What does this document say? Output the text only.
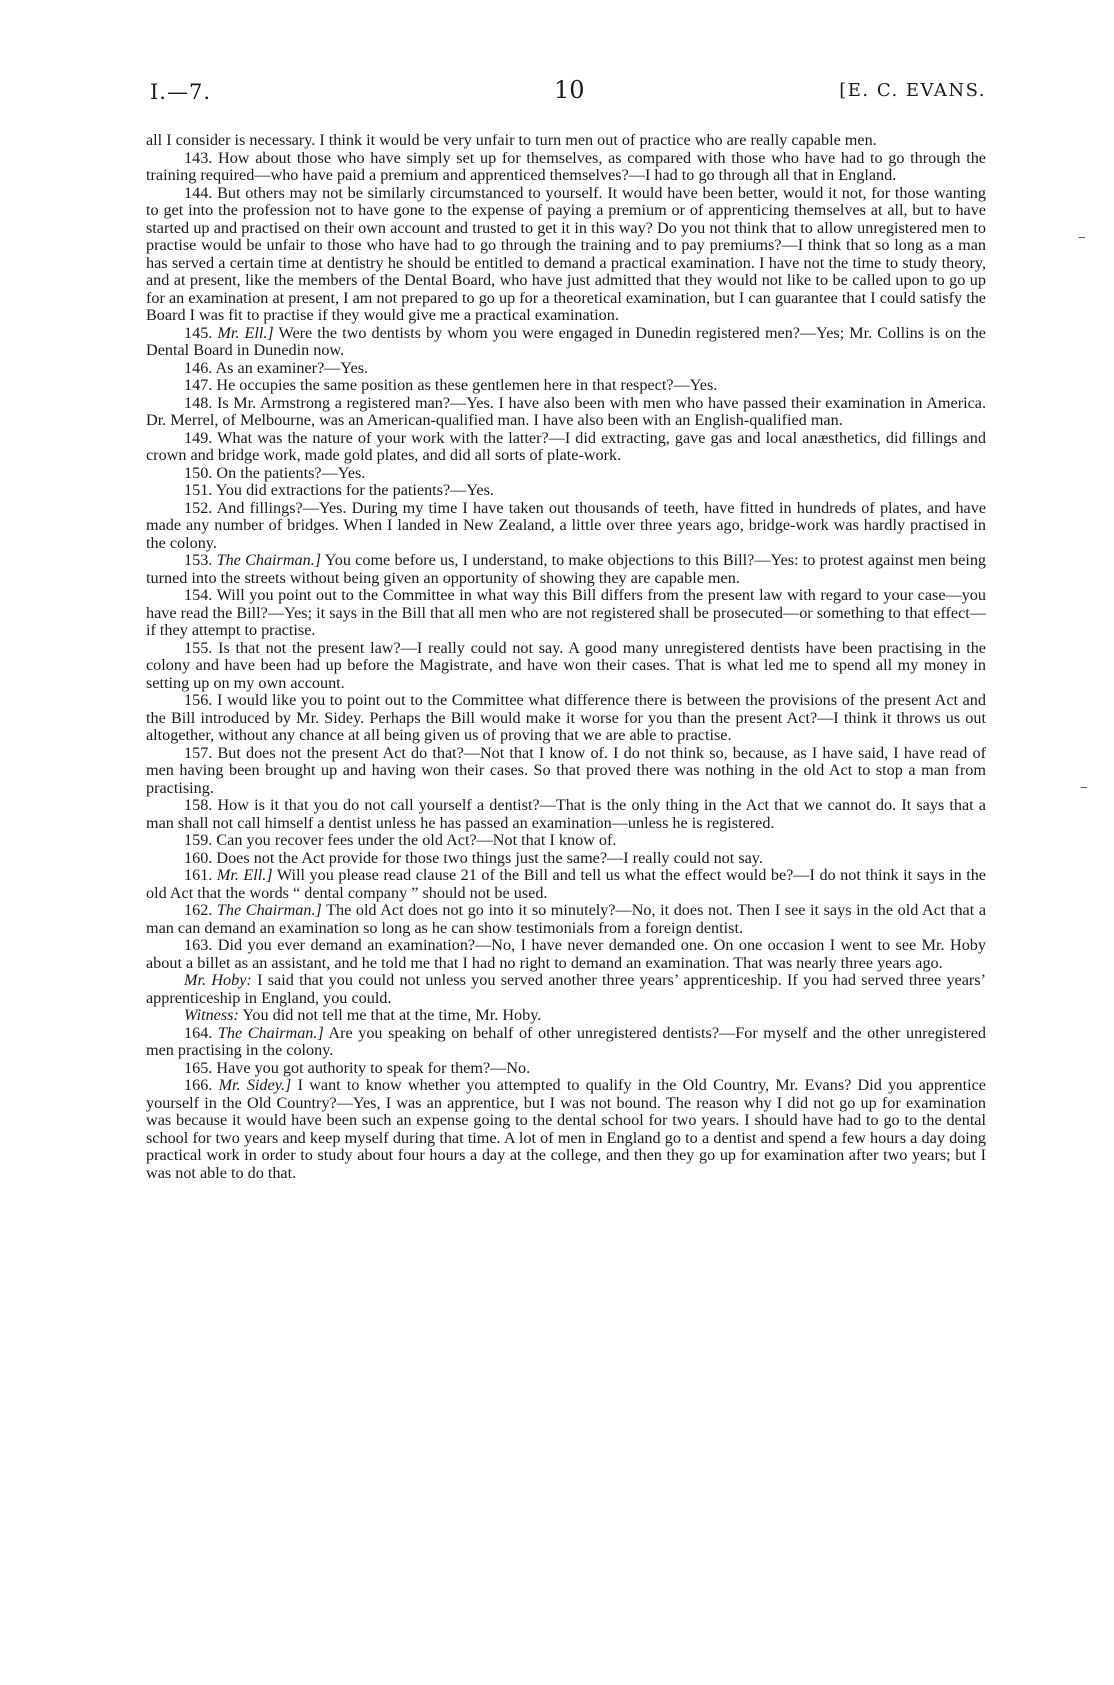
I.—7.	10	[E. C. EVANS.

all I consider is necessary. I think it would be very unfair to turn men out of practice who are really capable men.

143. How about those who have simply set up for themselves, as compared with those who have had to go through the training required—who have paid a premium and apprenticed themselves?—I had to go through all that in England.

144. But others may not be similarly circumstanced to yourself. It would have been better, would it not, for those wanting to get into the profession not to have gone to the expense of paying a premium or of apprenticing themselves at all, but to have started up and practised on their own account and trusted to get it in this way? Do you not think that to allow unregistered men to practise would be unfair to those who have had to go through the training and to pay premiums?—I think that so long as a man has served a certain time at dentistry he should be entitled to demand a practical examination. I have not the time to study theory, and at present, like the members of the Dental Board, who have just admitted that they would not like to be called upon to go up for an examination at present, I am not prepared to go up for a theoretical examination, but I can guarantee that I could satisfy the Board I was fit to practise if they would give me a practical examination.

145. Mr. Ell.] Were the two dentists by whom you were engaged in Dunedin registered men?—Yes; Mr. Collins is on the Dental Board in Dunedin now.

146. As an examiner?—Yes.

147. He occupies the same position as these gentlemen here in that respect?—Yes.

148. Is Mr. Armstrong a registered man?—Yes. I have also been with men who have passed their examination in America. Dr. Merrel, of Melbourne, was an American-qualified man. I have also been with an English-qualified man.

149. What was the nature of your work with the latter?—I did extracting, gave gas and local anæsthetics, did fillings and crown and bridge work, made gold plates, and did all sorts of plate-work.

150. On the patients?—Yes.

151. You did extractions for the patients?—Yes.

152. And fillings?—Yes. During my time I have taken out thousands of teeth, have fitted in hundreds of plates, and have made any number of bridges. When I landed in New Zealand, a little over three years ago, bridge-work was hardly practised in the colony.

153. The Chairman.] You come before us, I understand, to make objections to this Bill?—Yes: to protest against men being turned into the streets without being given an opportunity of showing they are capable men.

154. Will you point out to the Committee in what way this Bill differs from the present law with regard to your case—you have read the Bill?—Yes; it says in the Bill that all men who are not registered shall be prosecuted—or something to that effect—if they attempt to practise.

155. Is that not the present law?—I really could not say. A good many unregistered dentists have been practising in the colony and have been had up before the Magistrate, and have won their cases. That is what led me to spend all my money in setting up on my own account.

156. I would like you to point out to the Committee what difference there is between the provisions of the present Act and the Bill introduced by Mr. Sidey. Perhaps the Bill would make it worse for you than the present Act?—I think it throws us out altogether, without any chance at all being given us of proving that we are able to practise.

157. But does not the present Act do that?—Not that I know of. I do not think so, because, as I have said, I have read of men having been brought up and having won their cases. So that proved there was nothing in the old Act to stop a man from practising.

158. How is it that you do not call yourself a dentist?—That is the only thing in the Act that we cannot do. It says that a man shall not call himself a dentist unless he has passed an examination—unless he is registered.

159. Can you recover fees under the old Act?—Not that I know of.

160. Does not the Act provide for those two things just the same?—I really could not say.

161. Mr. Ell.] Will you please read clause 21 of the Bill and tell us what the effect would be?—I do not think it says in the old Act that the words “ dental company ” should not be used.

162. The Chairman.] The old Act does not go into it so minutely?—No, it does not. Then I see it says in the old Act that a man can demand an examination so long as he can show testimonials from a foreign dentist.

163. Did you ever demand an examination?—No, I have never demanded one. On one occasion I went to see Mr. Hoby about a billet as an assistant, and he told me that I had no right to demand an examination. That was nearly three years ago.

Mr. Hoby: I said that you could not unless you served another three years’ apprenticeship. If you had served three years’ apprenticeship in England, you could.

Witness: You did not tell me that at the time, Mr. Hoby.

164. The Chairman.] Are you speaking on behalf of other unregistered dentists?—For myself and the other unregistered men practising in the colony.

165. Have you got authority to speak for them?—No.

166. Mr. Sidey.] I want to know whether you attempted to qualify in the Old Country, Mr. Evans? Did you apprentice yourself in the Old Country?—Yes, I was an apprentice, but I was not bound. The reason why I did not go up for examination was because it would have been such an expense going to the dental school for two years. I should have had to go to the dental school for two years and keep myself during that time. A lot of men in England go to a dentist and spend a few hours a day doing practical work in order to study about four hours a day at the college, and then they go up for examination after two years; but I was not able to do that.

‒
‒
